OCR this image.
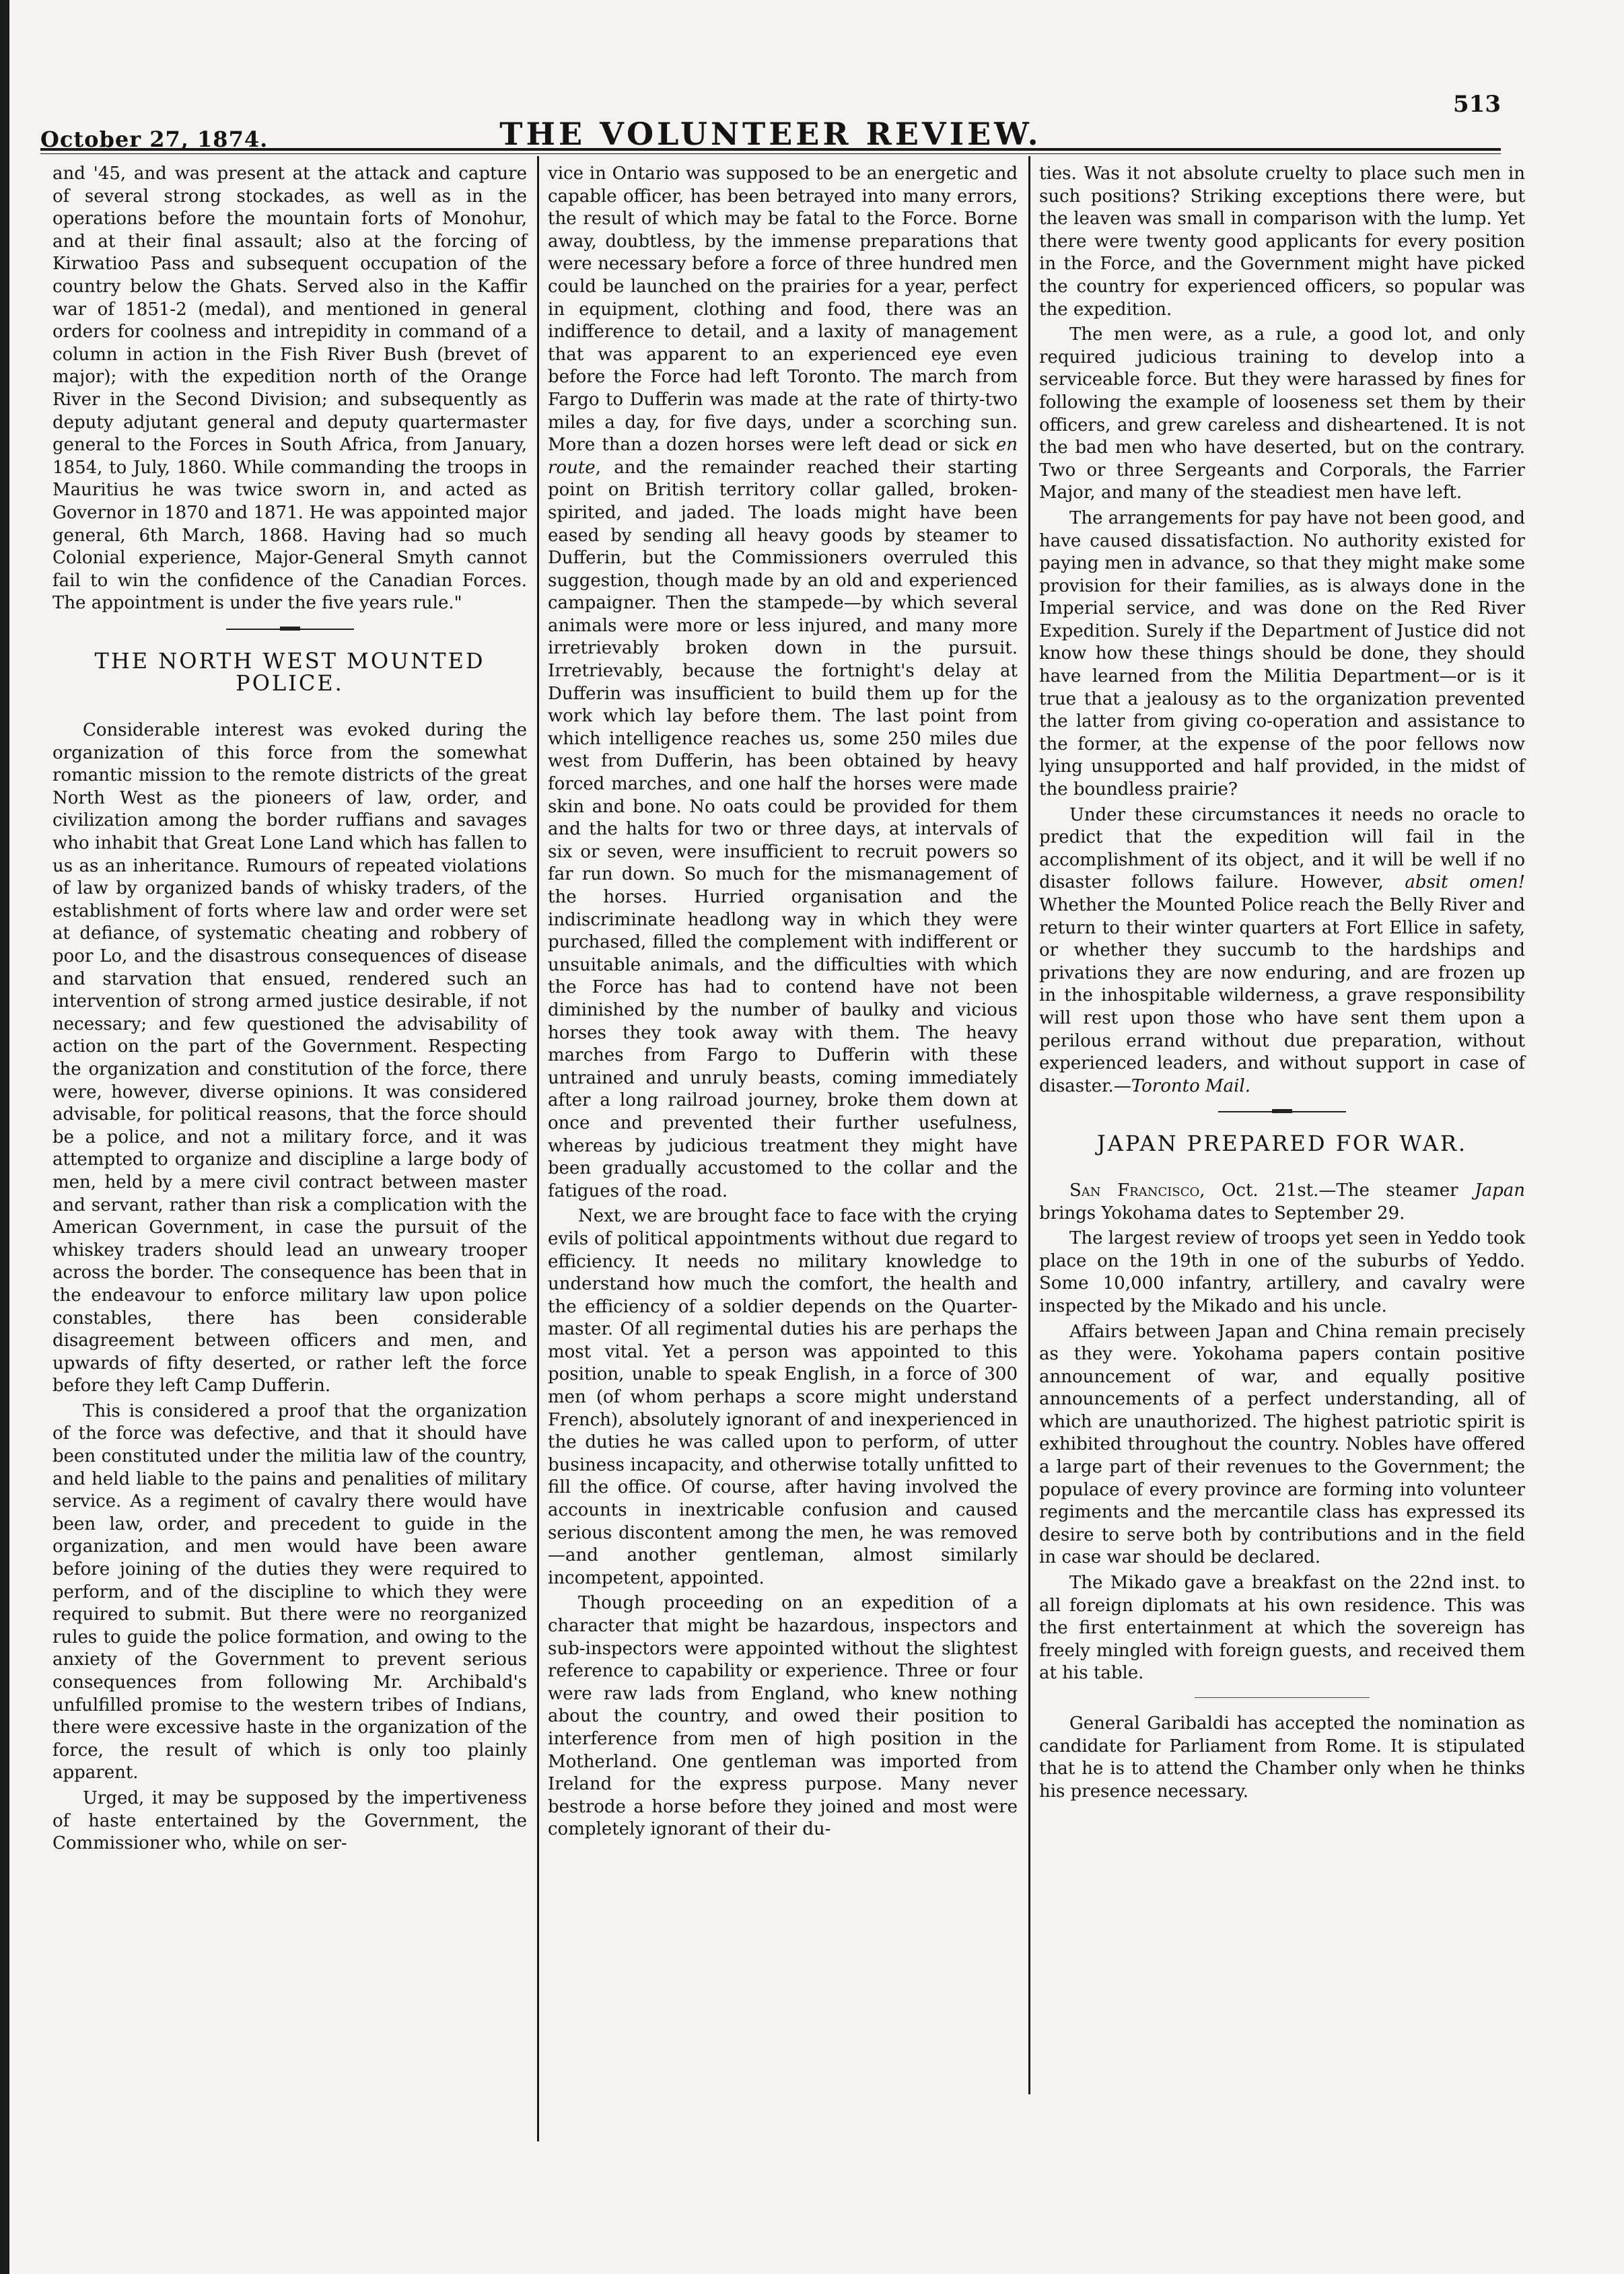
October 27, 1874.	THE VOLUNTEER REVIEW.
513

and '45, and was present at the attack and capture of several strong stockades, as well as in the operations before the mountain forts of Monohur, and at their final assault; also at the forcing of Kirwatioo Pass and subsequent occupation of the country below the Ghats. Served also in the Kaffir war of 1851-2 (medal), and mentioned in general orders for coolness and intrepidity in command of a column in action in the Fish River Bush (brevet of major); with the expedition north of the Orange River in the Second Division; and subsequently as deputy adjutant general and deputy quartermaster general to the Forces in South Africa, from January, 1854, to July, 1860. While commanding the troops in Mauritius he was twice sworn in, and acted as Governor in 1870 and 1871. He was appointed major general, 6th March, 1868. Having had so much Colonial experience, Major-General Smyth cannot fail to win the confidence of the Canadian Forces. The appointment is under the five years rule."

THE NORTH WEST MOUNTED POLICE.

Considerable interest was evoked during the organization of this force from the somewhat romantic mission to the remote districts of the great North West as the pioneers of law, order, and civilization among the border ruffians and savages who inhabit that Great Lone Land which has fallen to us as an inheritance. Rumours of repeated violations of law by organized bands of whisky traders, of the establishment of forts where law and order were set at defiance, of systematic cheating and robbery of poor Lo, and the disastrous consequences of disease and starvation that ensued, rendered such an intervention of strong armed justice desirable, if not necessary; and few questioned the advisability of action on the part of the Government. Respecting the organization and constitution of the force, there were, however, diverse opinions. It was considered advisable, for political reasons, that the force should be a police, and not a military force, and it was attempted to organize and discipline a large body of men, held by a mere civil contract between master and servant, rather than risk a complication with the American Government, in case the pursuit of the whiskey traders should lead an unweary trooper across the border. The consequence has been that in the endeavour to enforce military law upon police constables, there has been considerable disagreement between officers and men, and upwards of fifty deserted, or rather left the force before they left Camp Dufferin.

This is considered a proof that the organization of the force was defective, and that it should have been constituted under the militia law of the country, and held liable to the pains and penalities of military service. As a regiment of cavalry there would have been law, order, and precedent to guide in the organization, and men would have been aware before joining of the duties they were required to perform, and of the discipline to which they were required to submit. But there were no reorganized rules to guide the police formation, and owing to the anxiety of the Government to prevent serious consequences from following Mr. Archibald's unfulfilled promise to the western tribes of Indians, there were excessive haste in the organization of the force, the result of which is only too plainly apparent.

Urged, it may be supposed by the impertiveness of haste entertained by the Government, the Commissioner who, while on ser-

vice in Ontario was supposed to be an energetic and capable officer, has been betrayed into many errors, the result of which may be fatal to the Force. Borne away, doubtless, by the immense preparations that were necessary before a force of three hundred men could be launched on the prairies for a year, perfect in equipment, clothing and food, there was an indifference to detail, and a laxity of management that was apparent to an experienced eye even before the Force had left Toronto. The march from Fargo to Dufferin was made at the rate of thirty-two miles a day, for five days, under a scorching sun. More than a dozen horses were left dead or sick en route, and the remainder reached their starting point on British territory collar galled, broken-spirited, and jaded. The loads might have been eased by sending all heavy goods by steamer to Dufferin, but the Commissioners overruled this suggestion, though made by an old and experienced campaigner. Then the stampede—by which several animals were more or less injured, and many more irretrievably broken down in the pursuit. Irretrievably, because the fortnight's delay at Dufferin was insufficient to build them up for the work which lay before them. The last point from which intelligence reaches us, some 250 miles due west from Dufferin, has been obtained by heavy forced marches, and one half the horses were made skin and bone. No oats could be provided for them and the halts for two or three days, at intervals of six or seven, were insufficient to recruit powers so far run down. So much for the mismanagement of the horses. Hurried organisation and the indiscriminate headlong way in which they were purchased, filled the complement with indifferent or unsuitable animals, and the difficulties with which the Force has had to contend have not been diminished by the number of baulky and vicious horses they took away with them. The heavy marches from Fargo to Dufferin with these untrained and unruly beasts, coming immediately after a long railroad journey, broke them down at once and prevented their further usefulness, whereas by judicious treatment they might have been gradually accustomed to the collar and the fatigues of the road.

Next, we are brought face to face with the crying evils of political appointments without due regard to efficiency. It needs no military knowledge to understand how much the comfort, the health and the efficiency of a soldier depends on the Quarter-master. Of all regimental duties his are perhaps the most vital. Yet a person was appointed to this position, unable to speak English, in a force of 300 men (of whom perhaps a score might understand French), absolutely ignorant of and inexperienced in the duties he was called upon to perform, of utter business incapacity, and otherwise totally unfitted to fill the office. Of course, after having involved the accounts in inextricable confusion and caused serious discontent among the men, he was removed—and another gentleman, almost similarly incompetent, appointed.

Though proceeding on an expedition of a character that might be hazardous, inspectors and sub-inspectors were appointed without the slightest reference to capability or experience. Three or four were raw lads from England, who knew nothing about the country, and owed their position to interference from men of high position in the Motherland. One gentleman was imported from Ireland for the express purpose. Many never bestrode a horse before they joined and most were completely ignorant of their du-

ties. Was it not absolute cruelty to place such men in such positions? Striking exceptions there were, but the leaven was small in comparison with the lump. Yet there were twenty good applicants for every position in the Force, and the Government might have picked the country for experienced officers, so popular was the expedition.

The men were, as a rule, a good lot, and only required judicious training to develop into a serviceable force. But they were harassed by fines for following the example of looseness set them by their officers, and grew careless and disheartened. It is not the bad men who have deserted, but on the contrary. Two or three Sergeants and Corporals, the Farrier Major, and many of the steadiest men have left.

The arrangements for pay have not been good, and have caused dissatisfaction. No authority existed for paying men in advance, so that they might make some provision for their families, as is always done in the Imperial service, and was done on the Red River Expedition. Surely if the Department of Justice did not know how these things should be done, they should have learned from the Militia Department—or is it true that a jealousy as to the organization prevented the latter from giving co-operation and assistance to the former, at the expense of the poor fellows now lying unsupported and half provided, in the midst of the boundless prairie?

Under these circumstances it needs no oracle to predict that the expedition will fail in the accomplishment of its object, and it will be well if no disaster follows failure. However, absit omen! Whether the Mounted Police reach the Belly River and return to their winter quarters at Fort Ellice in safety, or whether they succumb to the hardships and privations they are now enduring, and are frozen up in the inhospitable wilderness, a grave responsibility will rest upon those who have sent them upon a perilous errand without due preparation, without experienced leaders, and without support in case of disaster.—Toronto Mail.

JAPAN PREPARED FOR WAR.

San Francisco, Oct. 21st.—The steamer Japan brings Yokohama dates to September 29.

The largest review of troops yet seen in Yeddo took place on the 19th in one of the suburbs of Yeddo. Some 10,000 infantry, artillery, and cavalry were inspected by the Mikado and his uncle.

Affairs between Japan and China remain precisely as they were. Yokohama papers contain positive announcement of war, and equally positive announcements of a perfect understanding, all of which are unauthorized. The highest patriotic spirit is exhibited throughout the country. Nobles have offered a large part of their revenues to the Government; the populace of every province are forming into volunteer regiments and the mercantile class has expressed its desire to serve both by contributions and in the field in case war should be declared.

The Mikado gave a breakfast on the 22nd inst. to all foreign diplomats at his own residence. This was the first entertainment at which the sovereign has freely mingled with foreign guests, and received them at his table.

General Garibaldi has accepted the nomination as candidate for Parliament from Rome. It is stipulated that he is to attend the Chamber only when he thinks his presence necessary.
